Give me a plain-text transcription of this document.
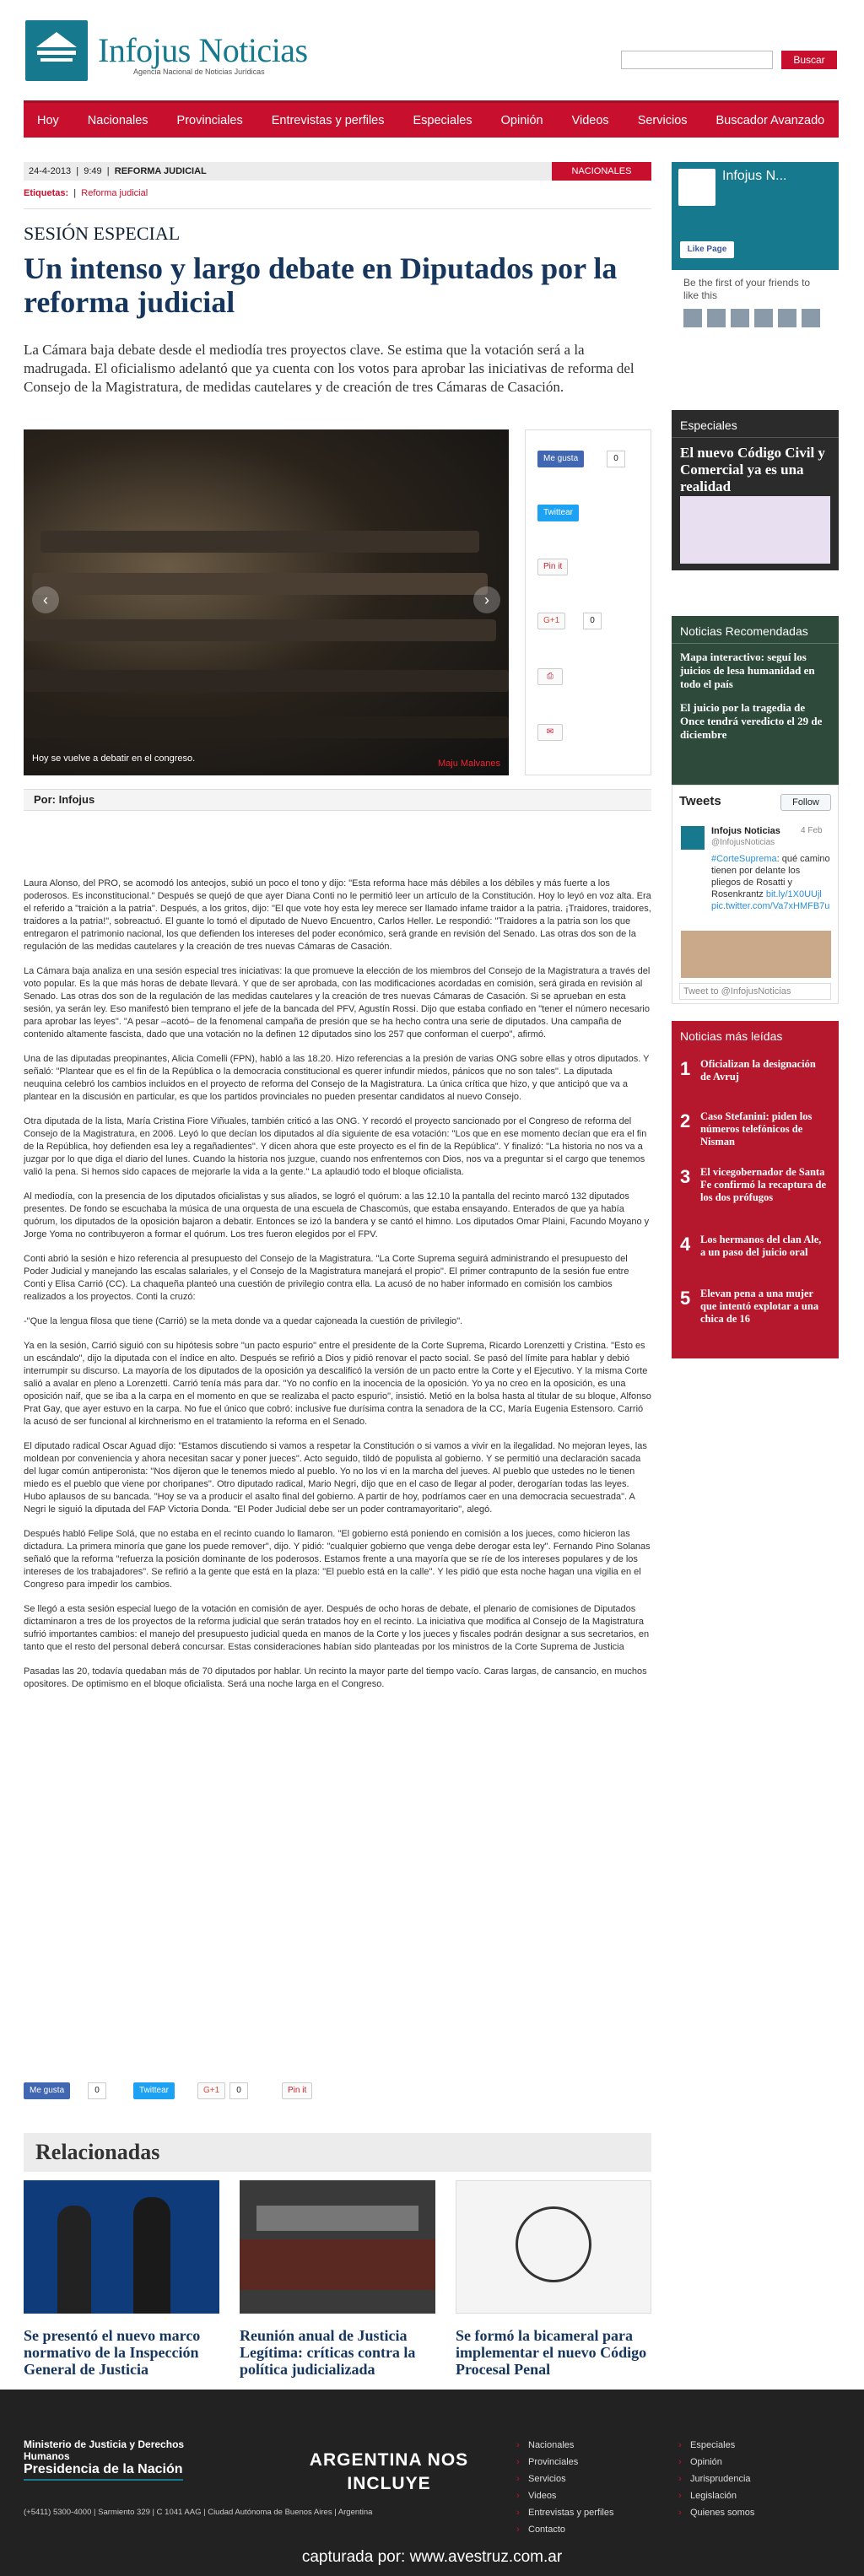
Infojus Noticias
Agencia Nacional de Noticias Jurídicas
Buscar
Hoy Nacionales Provinciales Entrevistas y perfiles Especiales Opinión Videos Servicios Buscador Avanzado
24-4-2013  |  9:49  |  REFORMA JUDICIAL	NACIONALES
Etiquetas:  |  Reforma judicial
SESIÓN ESPECIAL
Un intenso y largo debate en Diputados por la reforma judicial
La Cámara baja debate desde el mediodía tres proyectos clave. Se estima que la votación será a la madrugada. El oficialismo adelantó que ya cuenta con los votos para aprobar las iniciativas de reforma del Consejo de la Magistratura, de medidas cautelares y de creación de tres Cámaras de Casación.
‹	›
Hoy se vuelve a debatir en el congreso.	Maju Malvanes
Me gusta	0
Twittear
Pin it
G+1	0
⎙
✉
Por: Infojus

Laura Alonso, del PRO, se acomodó los anteojos, subió un poco el tono y dijo: "Esta reforma hace más débiles a los débiles y más fuerte a los poderosos. Es inconstitucional." Después se quejó de que ayer Diana Conti no le permitió leer un artículo de la Constitución. Hoy lo leyó en voz alta. Era el referido a "traición a la patria". Después, a los gritos, dijo: "El que vote hoy esta ley merece ser llamado infame traidor a la patria. ¡Traidores, traidores, traidores a la patria!", sobreactuó. El guante lo tomó el diputado de Nuevo Encuentro, Carlos Heller. Le respondió: "Traidores a la patria son los que entregaron el patrimonio nacional, los que defienden los intereses del poder económico, será grande en revisión del Senado. Las otras dos son de la regulación de las medidas cautelares y la creación de tres nuevas Cámaras de Casación.

La Cámara baja analiza en una sesión especial tres iniciativas: la que promueve la elección de los miembros del Consejo de la Magistratura a través del voto popular. Es la que más horas de debate llevará. Y que de ser aprobada, con las modificaciones acordadas en comisión, será girada en revisión al Senado. Las otras dos son de la regulación de las medidas cautelares y la creación de tres nuevas Cámaras de Casación. Si se aprueban en esta sesión, ya serán ley. Eso manifestó bien temprano el jefe de la bancada del PFV, Agustín Rossi. Dijo que estaba confiado en "tener el número necesario para aprobar las leyes". "A pesar –acotó– de la fenomenal campaña de presión que se ha hecho contra una serie de diputados. Una campaña de contenido altamente fascista, dado que una votación no la definen 12 diputados sino los 257 que conforman el cuerpo", afirmó.

Una de las diputadas preopinantes, Alicia Comelli (FPN), habló a las 18.20. Hizo referencias a la presión de varias ONG sobre ellas y otros diputados. Y señaló: "Plantear que es el fin de la República o la democracia constitucional es querer infundir miedos, pánicos que no son tales". La diputada neuquina celebró los cambios incluidos en el proyecto de reforma del Consejo de la Magistratura. La única crítica que hizo, y que anticipó que va a plantear en la discusión en particular, es que los partidos provinciales no pueden presentar candidatos al nuevo Consejo.

Otra diputada de la lista, María Cristina Fiore Viñuales, también criticó a las ONG. Y recordó el proyecto sancionado por el Congreso de reforma del Consejo de la Magistratura, en 2006. Leyó lo que decían los diputados al día siguiente de esa votación: "Los que en ese momento decían que era el fin de la República, hoy defienden esa ley a regañadientes". Y dicen ahora que este proyecto es el fin de la República". Y finalizó: "La historia no nos va a juzgar por lo que diga el diario del lunes. Cuando la historia nos juzgue, cuando nos enfrentemos con Dios, nos va a preguntar si el cargo que tenemos valió la pena. Si hemos sido capaces de mejorarle la vida a la gente." La aplaudió todo el bloque oficialista.

Al mediodía, con la presencia de los diputados oficialistas y sus aliados, se logró el quórum: a las 12.10 la pantalla del recinto marcó 132 diputados presentes. De fondo se escuchaba la música de una orquesta de una escuela de Chascomús, que estaba ensayando. Enterados de que ya había quórum, los diputados de la oposición bajaron a debatir. Entonces se izó la bandera y se cantó el himno. Los diputados Omar Plaini, Facundo Moyano y Jorge Yoma no contribuyeron a formar el quórum. Los tres fueron elegidos por el FPV.

Conti abrió la sesión e hizo referencia al presupuesto del Consejo de la Magistratura. "La Corte Suprema seguirá administrando el presupuesto del Poder Judicial y manejando las escalas salariales, y el Consejo de la Magistratura manejará el propio". El primer contrapunto de la sesión fue entre Conti y Elisa Carrió (CC). La chaqueña planteó una cuestión de privilegio contra ella. La acusó de no haber informado en comisión los cambios realizados a los proyectos. Conti la cruzó:

-"Que la lengua filosa que tiene (Carrió) se la meta donde va a quedar cajoneada la cuestión de privilegio".

Ya en la sesión, Carrió siguió con su hipótesis sobre "un pacto espurio" entre el presidente de la Corte Suprema, Ricardo Lorenzetti y Cristina. "Esto es un escándalo", dijo la diputada con el índice en alto. Después se refirió a Dios y pidió renovar el pacto social. Se pasó del límite para hablar y debió interrumpir su discurso. La mayoría de los diputados de la oposición ya descalificó la versión de un pacto entre la Corte y el Ejecutivo. Y la misma Corte salió a avalar en pleno a Lorenzetti. Carrió tenía más para dar. "Yo no confío en la inocencia de la oposición. Yo ya no creo en la oposición, es una oposición naif, que se iba a la carpa en el momento en que se realizaba el pacto espurio", insistió. Metió en la bolsa hasta al titular de su bloque, Alfonso Prat Gay, que ayer estuvo en la carpa. No fue el único que cobró: inclusive fue durísima contra la senadora de la CC, María Eugenia Estensoro. Carrió la acusó de ser funcional al kirchnerismo en el tratamiento la reforma en el Senado.

El diputado radical Oscar Aguad dijo: "Estamos discutiendo si vamos a respetar la Constitución o si vamos a vivir en la ilegalidad. No mejoran leyes, las moldean por conveniencia y ahora necesitan sacar y poner jueces". Acto seguido, tildó de populista al gobierno. Y se permitió una declaración sacada del lugar común antiperonista: "Nos dijeron que le tenemos miedo al pueblo. Yo no los vi en la marcha del jueves. Al pueblo que ustedes no le tienen miedo es el pueblo que viene por choripanes". Otro diputado radical, Mario Negri, dijo que en el caso de llegar al poder, derogarían todas las leyes. Hubo aplausos de su bancada. "Hoy se va a producir el asalto final del gobierno. A partir de hoy, podríamos caer en una democracia secuestrada". A Negri le siguió la diputada del FAP Victoria Donda. "El Poder Judicial debe ser un poder contramayoritario", alegó.

Después habló Felipe Solá, que no estaba en el recinto cuando lo llamaron. "El gobierno está poniendo en comisión a los jueces, como hicieron las dictadura. La primera minoría que gane los puede remover", dijo. Y pidió: "cualquier gobierno que venga debe derogar esta ley". Fernando Pino Solanas señaló que la reforma "refuerza la posición dominante de los poderosos. Estamos frente a una mayoría que se ríe de los intereses populares y de los intereses de los trabajadores". Se refirió a la gente que está en la plaza: "El pueblo está en la calle". Y les pidió que esta noche hagan una vigilia en el Congreso para impedir los cambios.

Se llegó a esta sesión especial luego de la votación en comisión de ayer. Después de ocho horas de debate, el plenario de comisiones de Diputados dictaminaron a tres de los proyectos de la reforma judicial que serán tratados hoy en el recinto. La iniciativa que modifica al Consejo de la Magistratura sufrió importantes cambios: el manejo del presupuesto judicial queda en manos de la Corte y los jueces y fiscales podrán designar a sus secretarios, en tanto que el resto del personal deberá concursar. Estas consideraciones habían sido planteadas por los ministros de la Corte Suprema de Justicia

Pasadas las 20, todavía quedaban más de 70 diputados por hablar. Un recinto la mayor parte del tiempo vacío. Caras largas, de cansancio, en muchos opositores. De optimismo en el bloque oficialista. Será una noche larga en el Congreso.

Me gusta	0	Twittear	G+1	0	Pin it
Relacionadas
Se presentó el nuevo marco normativo de la Inspección General de Justicia
Reunión anual de Justicia Legítima: críticas contra la política judicializada
Se formó la bicameral para implementar el nuevo Código Procesal Penal
Infojus N...
Like Page
Be the first of your friends to like this
Especiales
El nuevo Código Civil y Comercial ya es una realidad
Noticias Recomendadas
Mapa interactivo: seguí los juicios de lesa humanidad en todo el país
El juicio por la tragedia de Once tendrá veredicto el 29 de diciembre
Tweets	Follow
Infojus Noticias
@InfojusNoticias
4 Feb
#CorteSuprema: qué camino tienen por delante los pliegos de Rosatti y Rosenkrantz bit.ly/1X0UUjl pic.twitter.com/Va7xHMFB7u
Tweet to @InfojusNoticias
Noticias más leídas
1 Oficializan la designación de Avruj
2 Caso Stefanini: piden los números telefónicos de Nisman
3 El vicegobernador de Santa Fe confirmó la recaptura de los dos prófugos
4 Los hermanos del clan Ale, a un paso del juicio oral
5 Elevan pena a una mujer que intentó explotar a una chica de 16
Ministerio de Justicia y Derechos Humanos
Presidencia de la Nación
(+5411) 5300-4000 | Sarmiento 329 | C 1041 AAG | Ciudad Autónoma de Buenos Aires | Argentina
ARGENTINA NOS INCLUYE
› Nacionales
› Provinciales
› Servicios
› Videos
› Entrevistas y perfiles
› Contacto
› Especiales
› Opinión
› Jurisprudencia
› Legislación
› Quienes somos
capturada por: www.avestruz.com.ar
